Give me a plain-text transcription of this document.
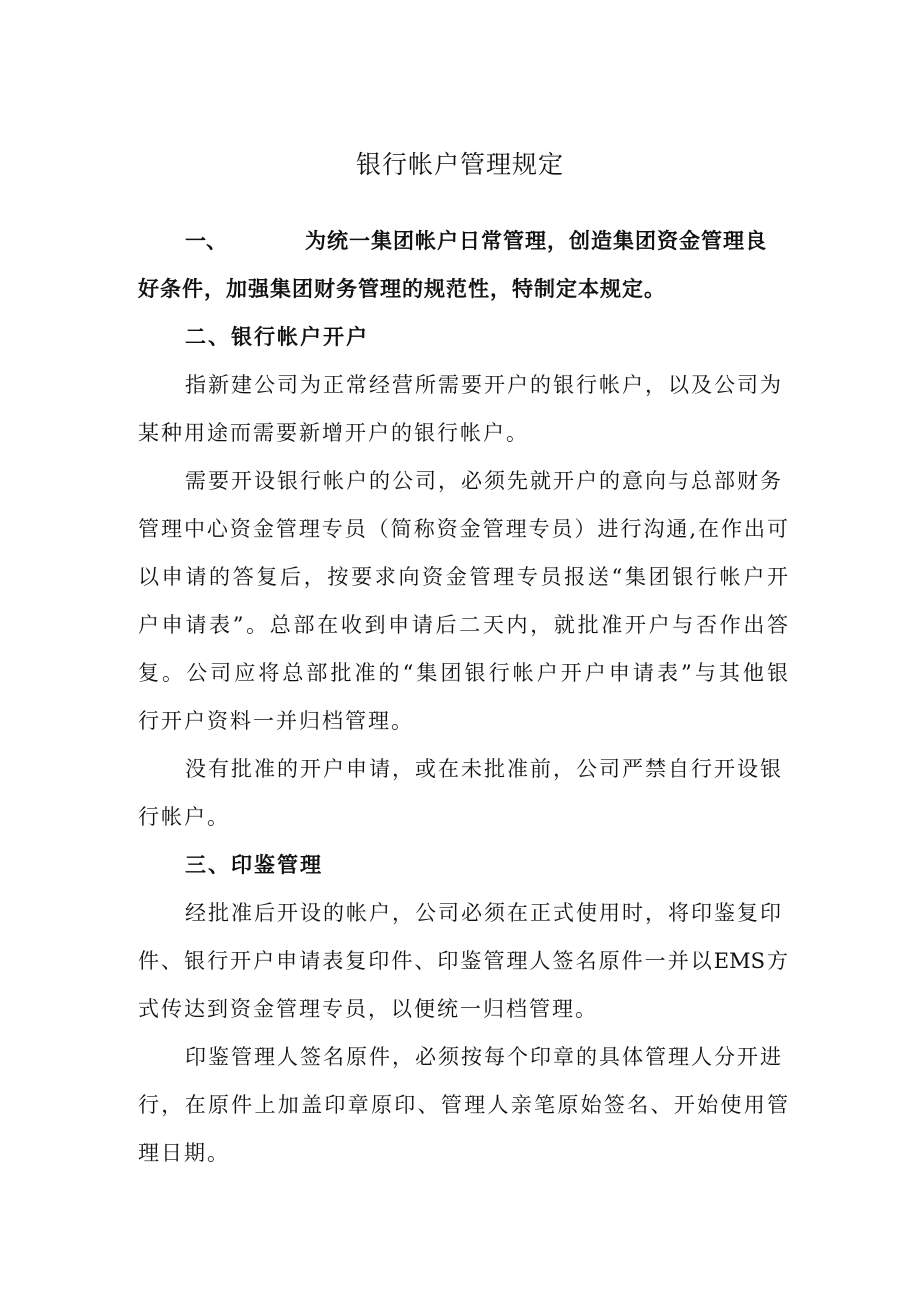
银行帐户管理规定
一、	为统一集团帐户日常管理，创造集团资金管理良
好条件，加强集团财务管理的规范性，特制定本规定。
二、银行帐户开户
指新建公司为正常经营所需要开户的银行帐户，以及公司为
某种用途而需要新增开户的银行帐户。
需要开设银行帐户的公司，必须先就开户的意向与总部财务
管理中心资金管理专员（简称资金管理专员）进行沟通,在作出可
以申请的答复后，按要求向资金管理专员报送“集团银行帐户开
户申请表”。总部在收到申请后二天内，就批准开户与否作出答
复。公司应将总部批准的“集团银行帐户开户申请表”与其他银
行开户资料一并归档管理。
没有批准的开户申请，或在未批准前，公司严禁自行开设银
行帐户。
三、印鉴管理
经批准后开设的帐户，公司必须在正式使用时，将印鉴复印
件、银行开户申请表复印件、印鉴管理人签名原件一并以EMS方
式传达到资金管理专员，以便统一归档管理。
印鉴管理人签名原件，必须按每个印章的具体管理人分开进
行，在原件上加盖印章原印、管理人亲笔原始签名、开始使用管
理日期。
